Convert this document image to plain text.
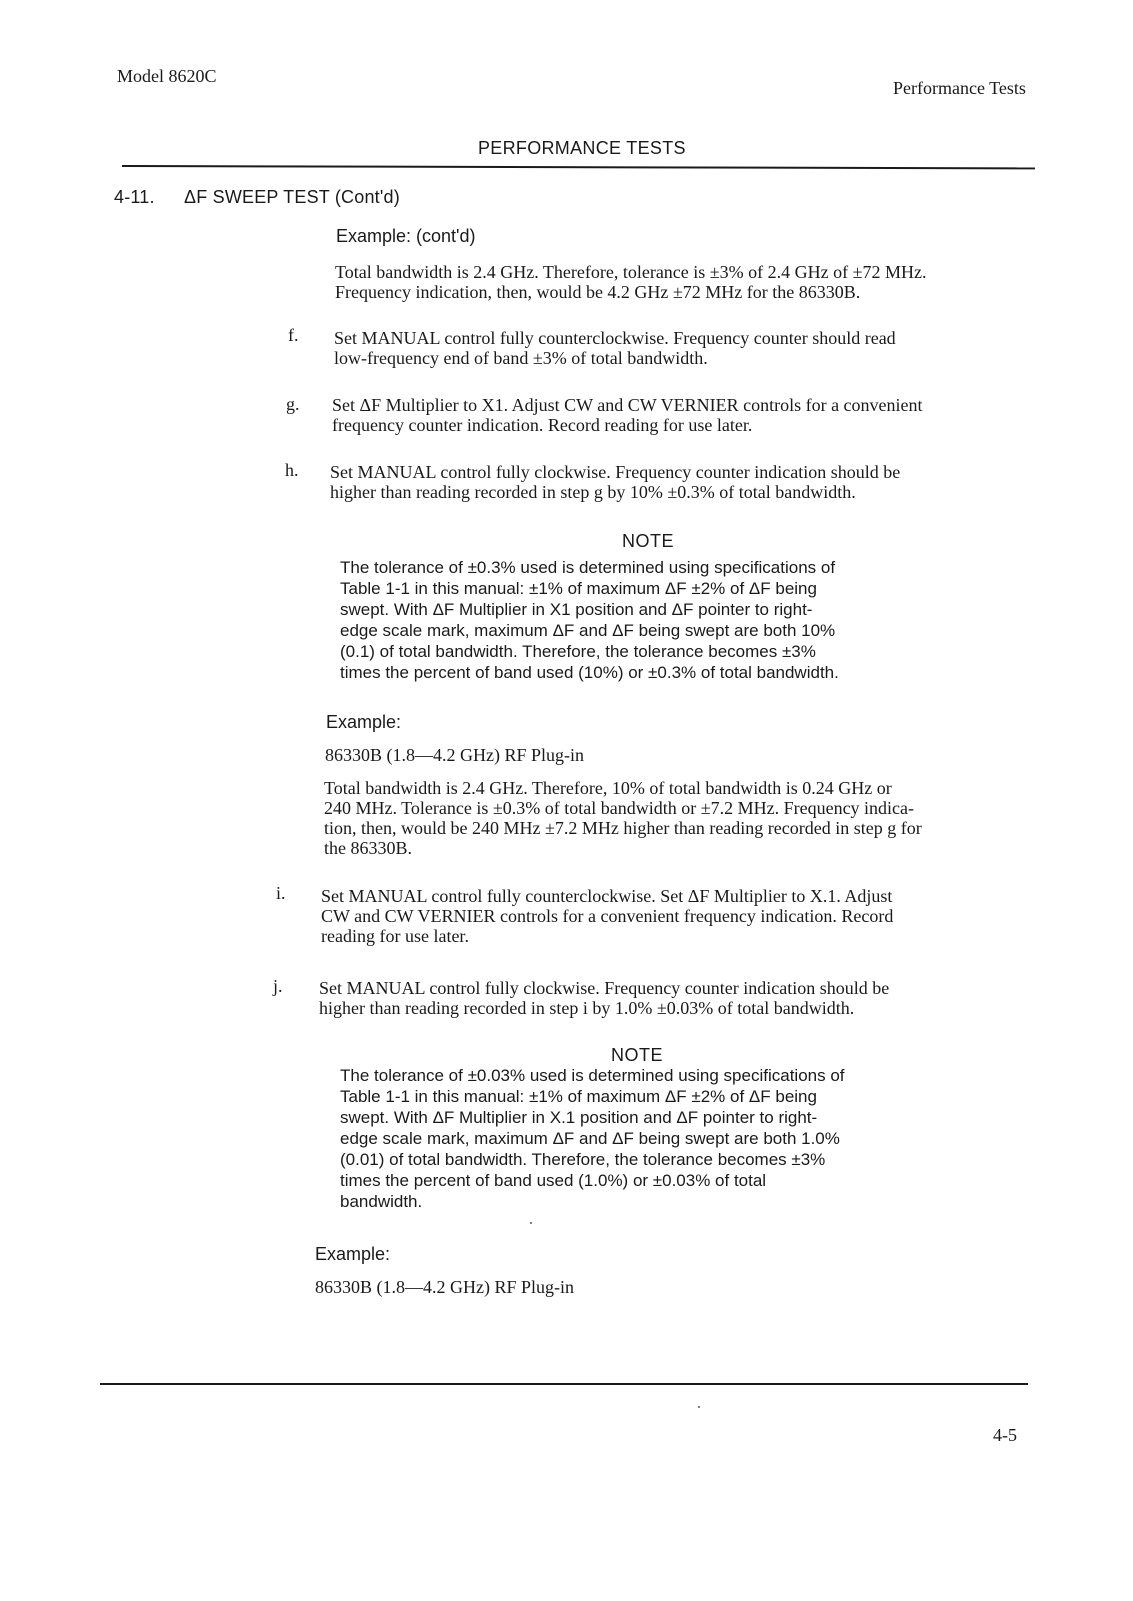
Model 8620C
Performance Tests
PERFORMANCE TESTS
4-11. ΔF SWEEP TEST (Cont'd)
Example: (cont'd)
Total bandwidth is 2.4 GHz. Therefore, tolerance is ±3% of 2.4 GHz of ±72 MHz.
Frequency indication, then, would be 4.2 GHz ±72 MHz for the 86330B.
f. Set MANUAL control fully counterclockwise. Frequency counter should read
low-frequency end of band ±3% of total bandwidth.
g. Set ΔF Multiplier to X1. Adjust CW and CW VERNIER controls for a convenient
frequency counter indication. Record reading for use later.
h. Set MANUAL control fully clockwise. Frequency counter indication should be
higher than reading recorded in step g by 10% ±0.3% of total bandwidth.
NOTE
The tolerance of ±0.3% used is determined using specifications of
Table 1-1 in this manual: ±1% of maximum ΔF ±2% of ΔF being
swept. With ΔF Multiplier in X1 position and ΔF pointer to right-
edge scale mark, maximum ΔF and ΔF being swept are both 10%
(0.1) of total bandwidth. Therefore, the tolerance becomes ±3%
times the percent of band used (10%) or ±0.3% of total bandwidth.
Example:
86330B (1.8—4.2 GHz) RF Plug-in
Total bandwidth is 2.4 GHz. Therefore, 10% of total bandwidth is 0.24 GHz or
240 MHz. Tolerance is ±0.3% of total bandwidth or ±7.2 MHz. Frequency indica-
tion, then, would be 240 MHz ±7.2 MHz higher than reading recorded in step g for
the 86330B.
i. Set MANUAL control fully counterclockwise. Set ΔF Multiplier to X.1. Adjust
CW and CW VERNIER controls for a convenient frequency indication. Record
reading for use later.
j. Set MANUAL control fully clockwise. Frequency counter indication should be
higher than reading recorded in step i by 1.0% ±0.03% of total bandwidth.
NOTE
The tolerance of ±0.03% used is determined using specifications of
Table 1-1 in this manual: ±1% of maximum ΔF ±2% of ΔF being
swept. With ΔF Multiplier in X.1 position and ΔF pointer to right-
edge scale mark, maximum ΔF and ΔF being swept are both 1.0%
(0.01) of total bandwidth. Therefore, the tolerance becomes ±3%
times the percent of band used (1.0%) or ±0.03% of total
bandwidth.
Example:
86330B (1.8—4.2 GHz) RF Plug-in
4-5
